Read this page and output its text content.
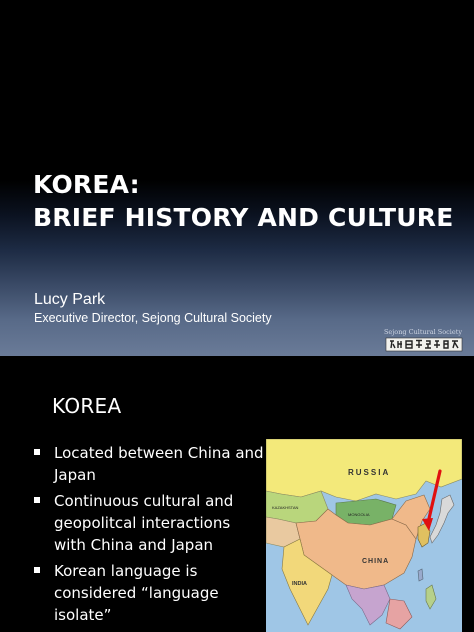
KOREA:
BRIEF HISTORY AND CULTURE
Lucy Park
Executive Director, Sejong Cultural Society
Sejong Cultural Society
KOREA
Located between China and Japan
Continuous cultural and geopolitcal interactions with China and Japan
Korean language is considered “language isolate”
RUSSIA
CHINA
INDIA
MONGOLIA
KAZAKHSTAN
